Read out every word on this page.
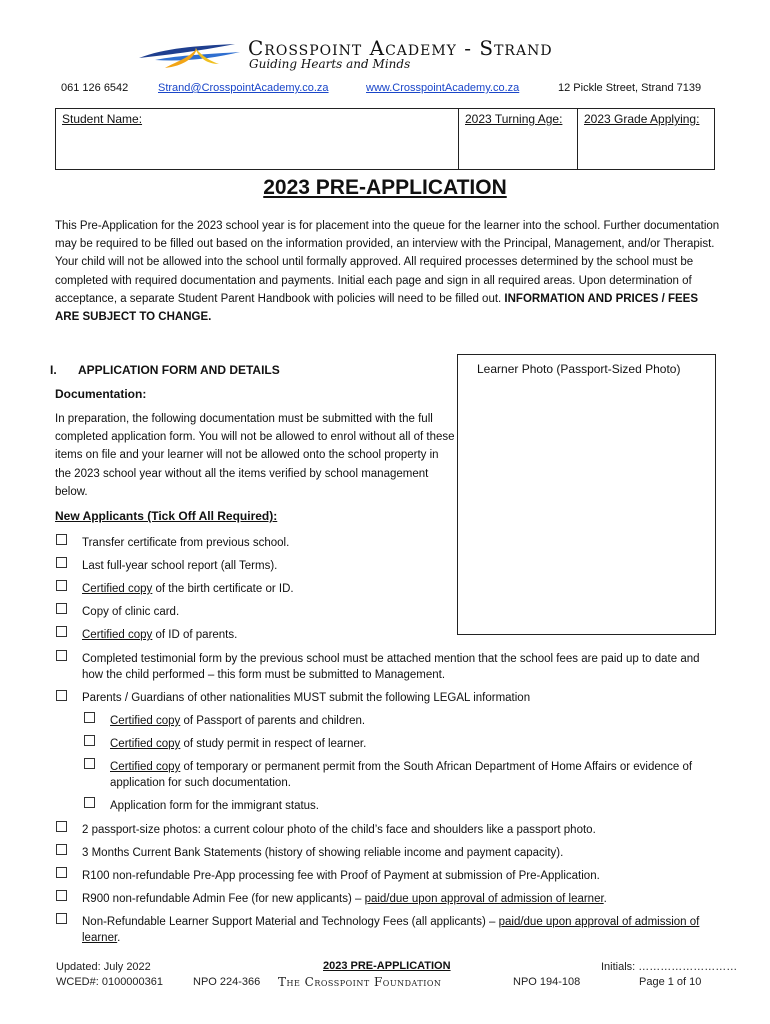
Crosspoint Academy - Strand
Guiding Hearts and Minds
061 126 6542	Strand@CrosspointAcademy.co.za	www.CrosspointAcademy.co.za	12 Pickle Street, Strand 7139
Student Name:	2023 Turning Age: 2023 Grade Applying:
2023 PRE-APPLICATION
This Pre-Application for the 2023 school year is for placement into the queue for the learner into the school. Further documentation may be required to be filled out based on the information provided, an interview with the Principal, Management, and/or Therapist. Your child will not be allowed into the school until formally approved. All required processes determined by the school must be completed with required documentation and payments. Initial each page and sign in all required areas. Upon determination of acceptance, a separate Student Parent Handbook with policies will need to be filled out. INFORMATION AND PRICES / FEES ARE SUBJECT TO CHANGE.
I. APPLICATION FORM AND DETAILS	Learner Photo (Passport-Sized Photo)
Documentation:
In preparation, the following documentation must be submitted with the full completed application form. You will not be allowed to enrol without all of these items on file and your learner will not be allowed onto the school property in the 2023 school year without all the items verified by school management below.
New Applicants (Tick Off All Required):
Transfer certificate from previous school.
Last full-year school report (all Terms).
Certified copy of the birth certificate or ID.
Copy of clinic card.
Certified copy of ID of parents.
Completed testimonial form by the previous school must be attached mention that the school fees are paid up to date and how the child performed – this form must be submitted to Management.
Parents / Guardians of other nationalities MUST submit the following LEGAL information
Certified copy of Passport of parents and children.
Certified copy of study permit in respect of learner.
Certified copy of temporary or permanent permit from the South African Department of Home Affairs or evidence of application for such documentation.
Application form for the immigrant status.
2 passport-size photos: a current colour photo of the child’s face and shoulders like a passport photo.
3 Months Current Bank Statements (history of showing reliable income and payment capacity).
R100 non-refundable Pre-App processing fee with Proof of Payment at submission of Pre-Application.
R900 non-refundable Admin Fee (for new applicants) – paid/due upon approval of admission of learner.
Non-Refundable Learner Support Material and Technology Fees (all applicants) – paid/due upon approval of admission of learner.
Updated: July 2022
WCED#: 0100000361	NPO 224-366
2023 PRE-APPLICATION
The Crosspoint Foundation	NPO 194-108
Initials: ………………………
Page 1 of 10
